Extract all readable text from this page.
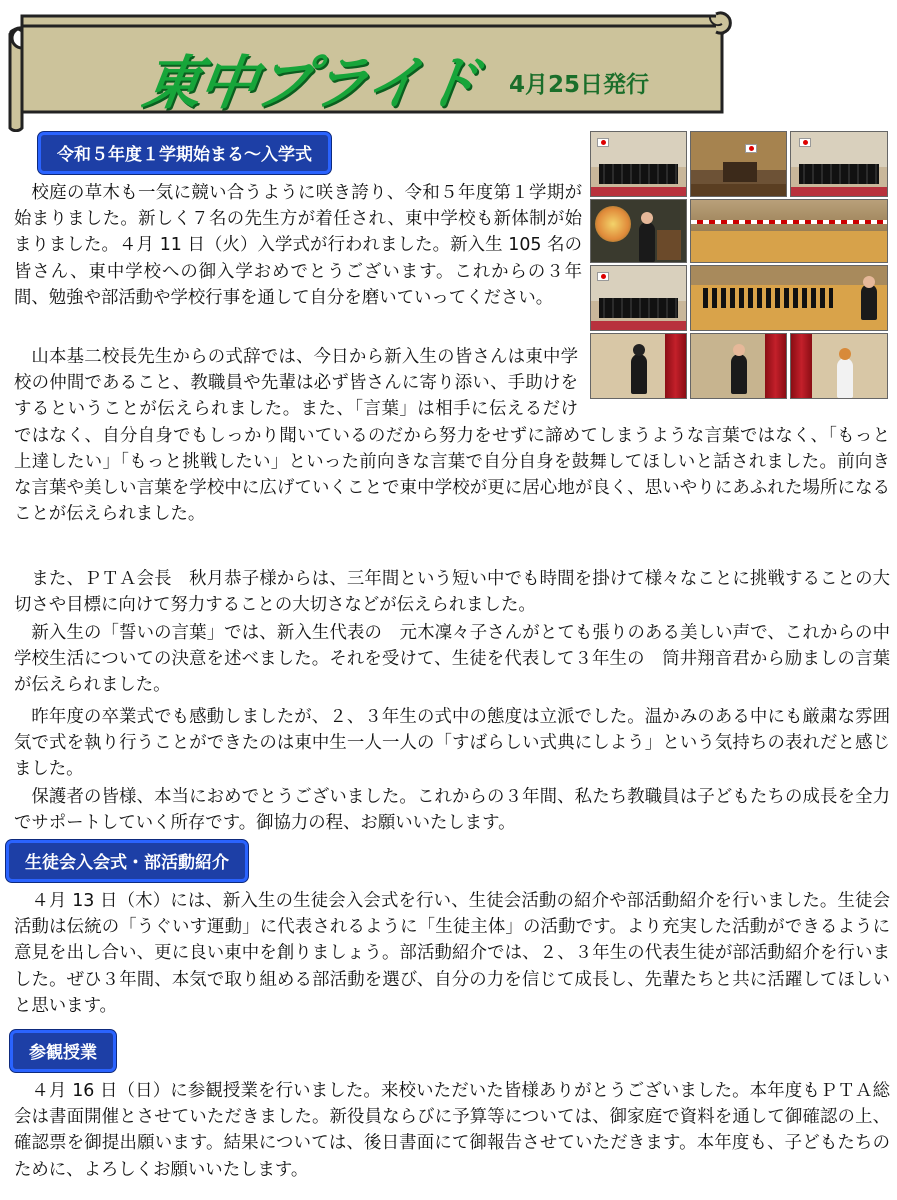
東中プライド 4月25日発行
令和５年度１学期始まる～入学式
校庭の草木も一気に競い合うように咲き誇り、令和５年度第１学期が始まりました。新しく７名の先生方が着任され、東中学校も新体制が始まりました。４月 11 日（火）入学式が行われました。新入生 105 名の皆さん、東中学校への御入学おめでとうございます。これからの３年間、勉強や部活動や学校行事を通して自分を磨いていってください。
山本基二校長先生からの式辞では、今日から新入生の皆さんは東中学校の仲間であること、教職員や先輩は必ず皆さんに寄り添い、手助けをするということが伝えられました。また、「言葉」は相手に伝えるだけではなく、自分自身でもしっかり聞いているのだから努力をせずに諦めてしまうような言葉ではなく、「もっと上達したい」「もっと挑戦したい」といった前向きな言葉で自分自身を鼓舞してほしいと話されました。前向きな言葉や美しい言葉を学校中に広げていくことで東中学校が更に居心地が良く、思いやりにあふれた場所になることが伝えられました。
また、ＰＴＡ会長　秋月恭子様からは、三年間という短い中でも時間を掛けて様々なことに挑戦することの大切さや目標に向けて努力することの大切さなどが伝えられました。
新入生の「誓いの言葉」では、新入生代表の　元木凜々子さんがとても張りのある美しい声で、これからの中学校生活についての決意を述べました。それを受けて、生徒を代表して３年生の　筒井翔音君から励ましの言葉が伝えられました。
昨年度の卒業式でも感動しましたが、２、３年生の式中の態度は立派でした。温かみのある中にも厳粛な雰囲気で式を執り行うことができたのは東中生一人一人の「すばらしい式典にしよう」という気持ちの表れだと感じました。
保護者の皆様、本当におめでとうございました。これからの３年間、私たち教職員は子どもたちの成長を全力でサポートしていく所存です。御協力の程、お願いいたします。
生徒会入会式・部活動紹介
４月 13 日（木）には、新入生の生徒会入会式を行い、生徒会活動の紹介や部活動紹介を行いました。生徒会活動は伝統の「うぐいす運動」に代表されるように「生徒主体」の活動です。より充実した活動ができるように意見を出し合い、更に良い東中を創りましょう。部活動紹介では、２、３年生の代表生徒が部活動紹介を行いました。ぜひ３年間、本気で取り組める部活動を選び、自分の力を信じて成長し、先輩たちと共に活躍してほしいと思います。
参観授業
４月 16 日（日）に参観授業を行いました。来校いただいた皆様ありがとうございました。本年度もＰＴＡ総会は書面開催とさせていただきました。新役員ならびに予算等については、御家庭で資料を通して御確認の上、確認票を御提出願います。結果については、後日書面にて御報告させていただきます。本年度も、子どもたちのために、よろしくお願いいたします。
